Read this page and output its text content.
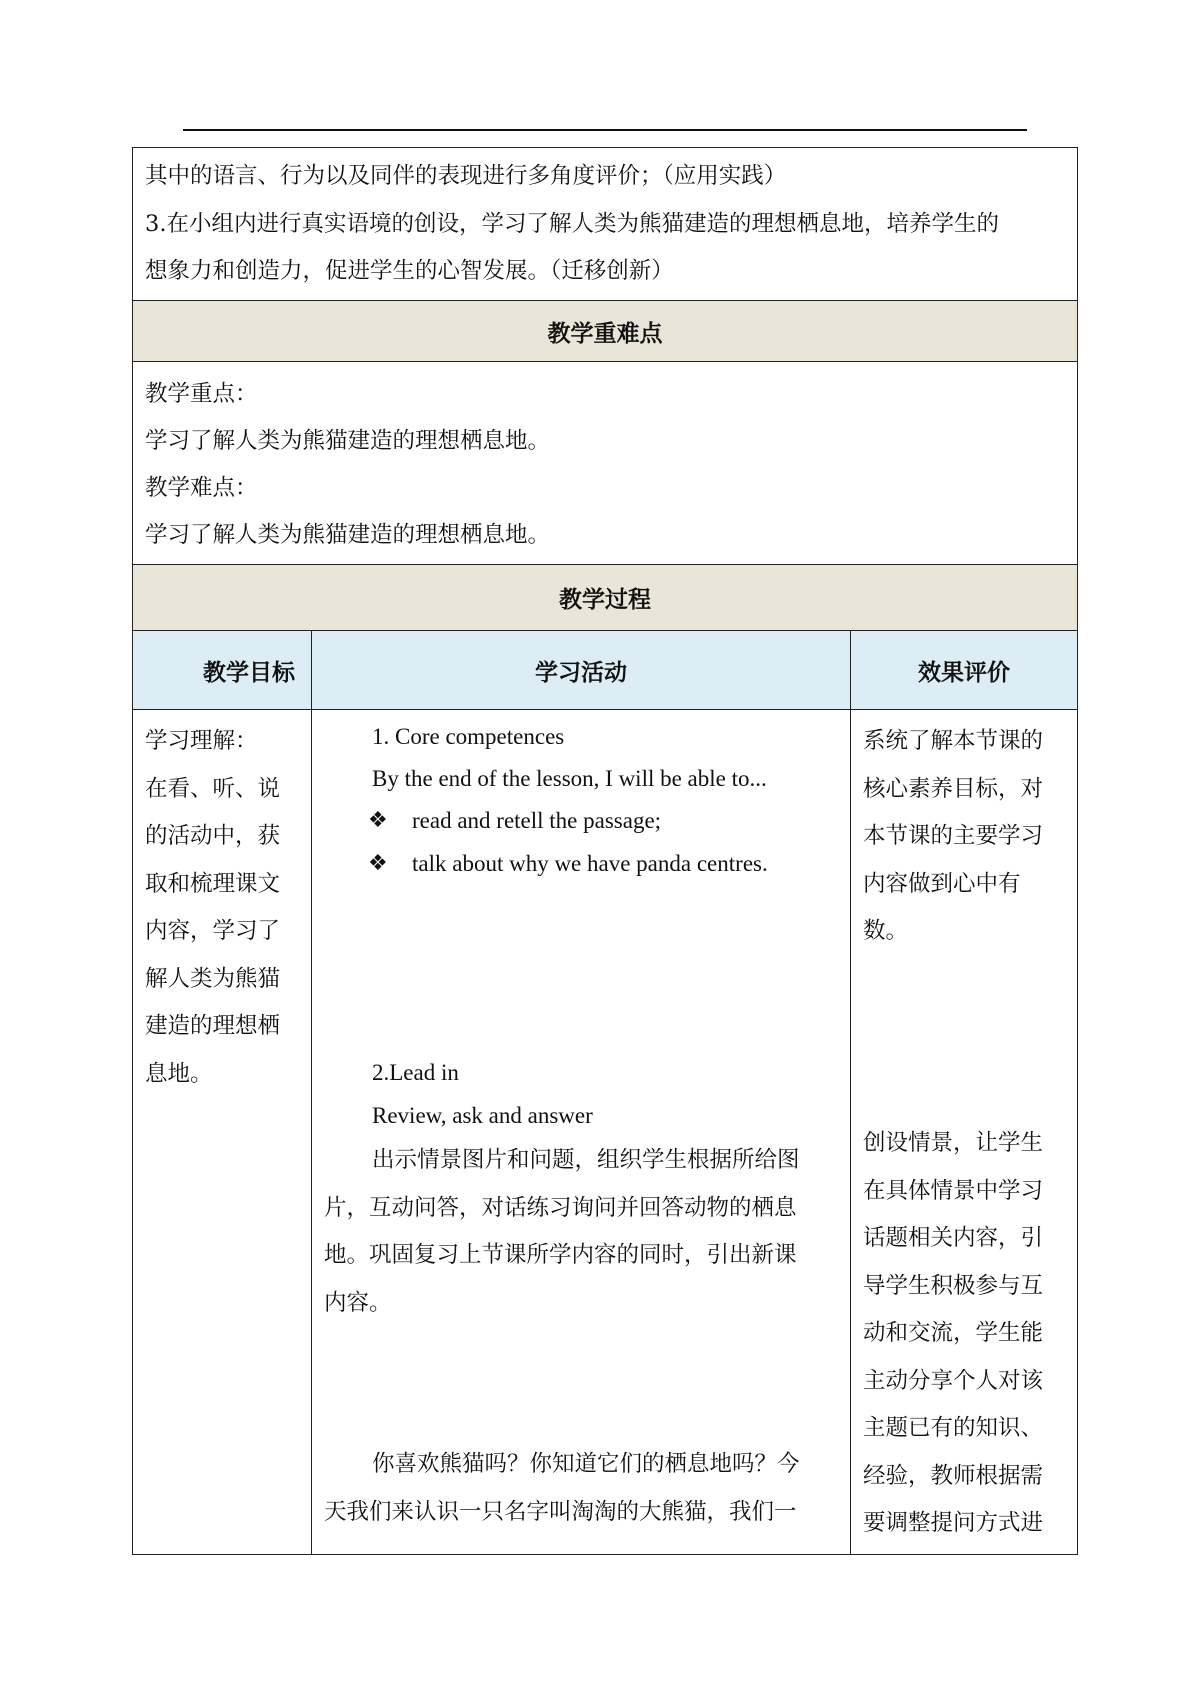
其中的语言、行为以及同伴的表现进行多角度评价；（应用实践）
3.在小组内进行真实语境的创设，学习了解人类为熊猫建造的理想栖息地，培养学生的
想象力和创造力，促进学生的心智发展。（迁移创新）
教学重难点
教学重点：
学习了解人类为熊猫建造的理想栖息地。
教学难点：
学习了解人类为熊猫建造的理想栖息地。
教学过程
教学目标	学习活动	效果评价
学习理解：
在看、听、说
的活动中，获
取和梳理课文
内容，学习了
解人类为熊猫
建造的理想栖
息地。
1. Core competences
By the end of the lesson, I will be able to...
❖ read and retell the passage;
❖ talk about why we have panda centres.
2.Lead in
Review, ask and answer
出示情景图片和问题，组织学生根据所给图
片，互动问答，对话练习询问并回答动物的栖息
地。巩固复习上节课所学内容的同时，引出新课
内容。
你喜欢熊猫吗？你知道它们的栖息地吗？今
天我们来认识一只名字叫淘淘的大熊猫，我们一
系统了解本节课的
核心素养目标，对
本节课的主要学习
内容做到心中有
数。
创设情景，让学生
在具体情景中学习
话题相关内容，引
导学生积极参与互
动和交流，学生能
主动分享个人对该
主题已有的知识、
经验，教师根据需
要调整提问方式进
